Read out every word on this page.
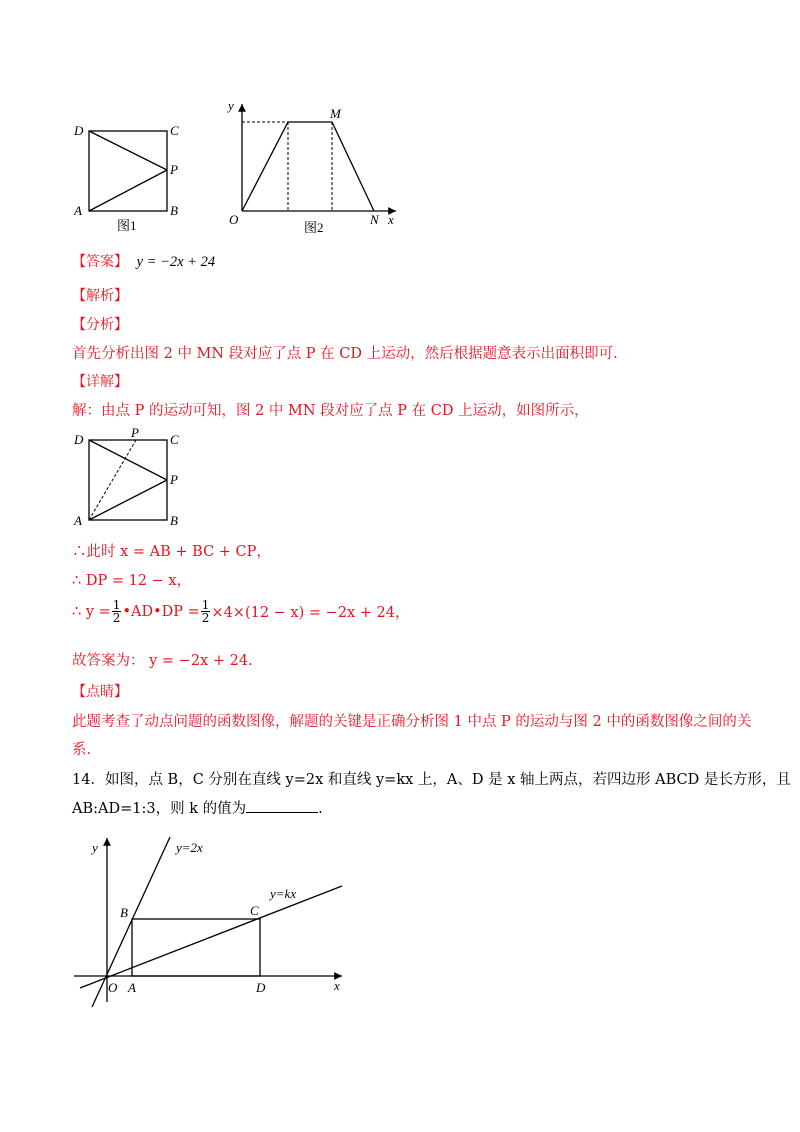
D	C
P
A	B
图1
y
M
O	N x
图2
【答案】 y = −2x + 24
【解析】
【分析】
首先分析出图 2 中 MN 段对应了点 P 在 CD 上运动，然后根据题意表示出面积即可.
【详解】
解：由点 P 的运动可知，图 2 中 MN 段对应了点 P 在 CD 上运动，如图所示，
D	P C
P
A	B
∴此时 x = AB + BC + CP，
∴ DP = 12 − x，
∴ $y = \frac{1}{2}$ •AD•DP = $\frac{1}{2} \times 4\times(12 - x) = -2x + 24$，
故答案为： y = −2x + 24.
【点睛】
此题考查了动点问题的函数图像，解题的关键是正确分析图 1 中点 P 的运动与图 2 中的函数图像之间的关
系.
14．如图，点 B，C 分别在直线 y=2x 和直线 y=kx 上，A、D 是 x 轴上两点，若四边形 ABCD 是长方形，且
AB:AD=1:3，则 k 的值为	.
y	y=2x
y=kx
B	C
O A	D	x
